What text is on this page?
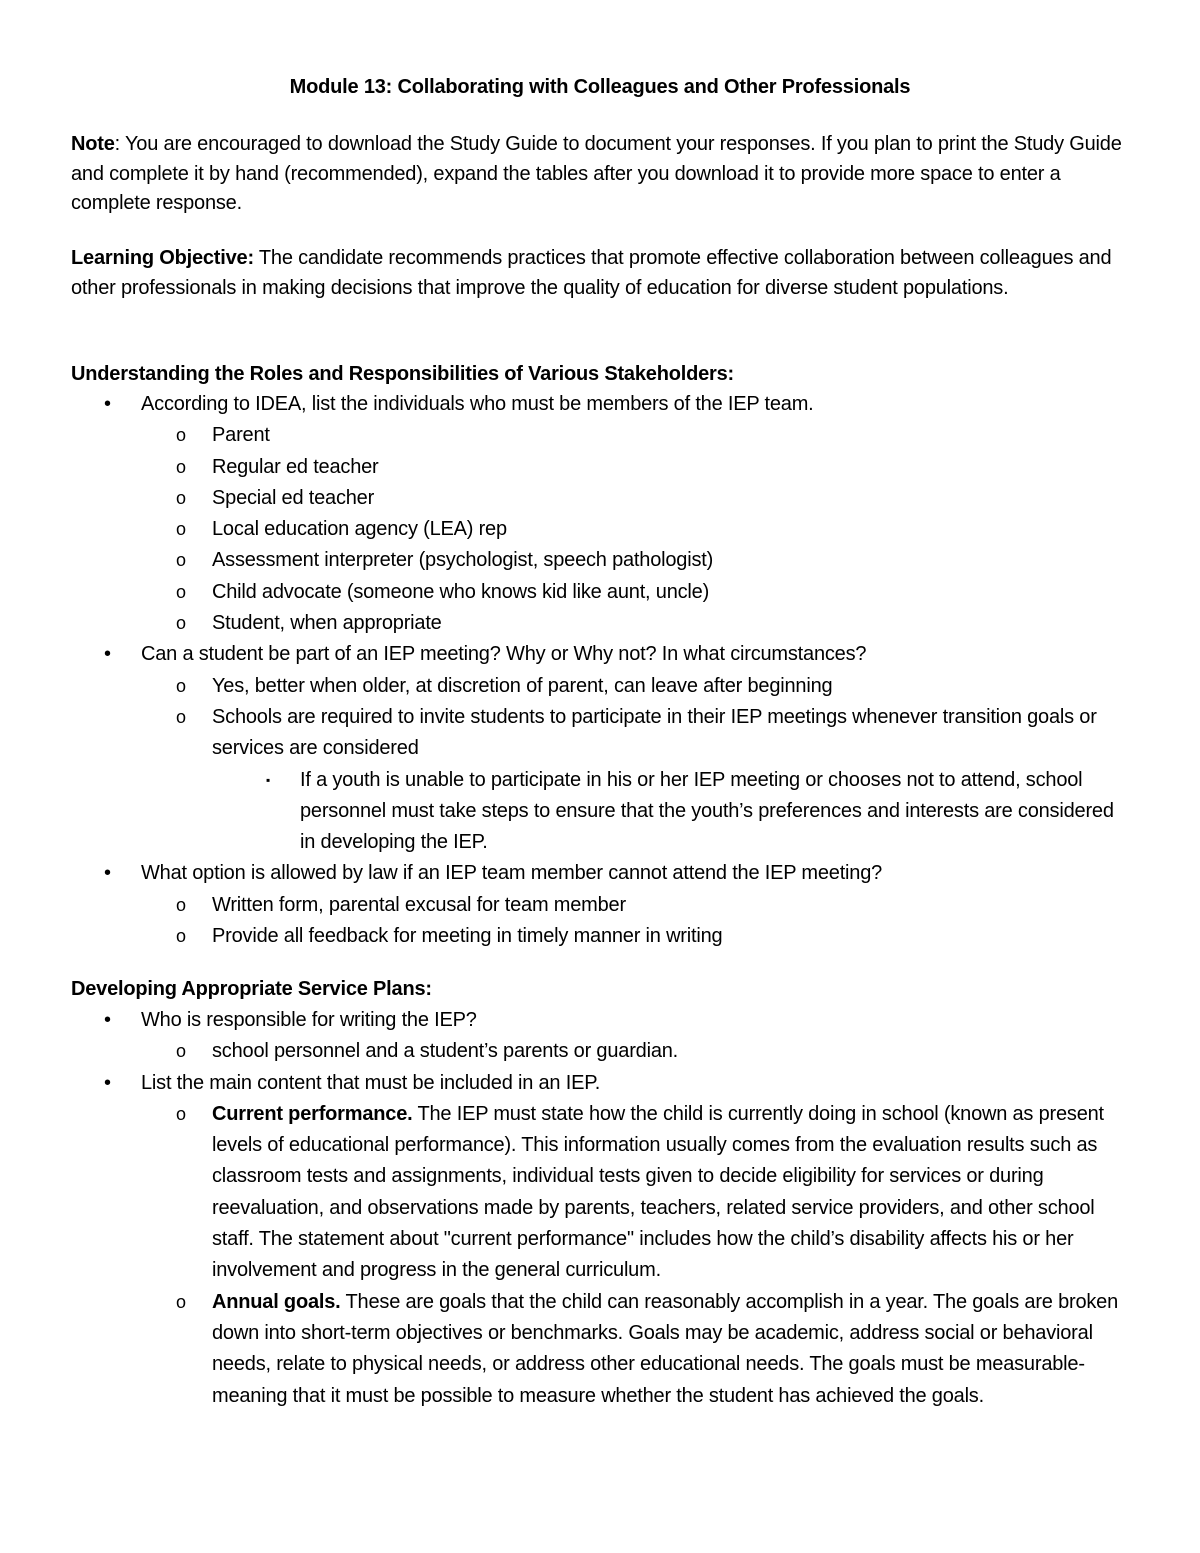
Module 13: Collaborating with Colleagues and Other Professionals
Note: You are encouraged to download the Study Guide to document your responses. If you plan to print the Study Guide and complete it by hand (recommended), expand the tables after you download it to provide more space to enter a complete response.
Learning Objective: The candidate recommends practices that promote effective collaboration between colleagues and other professionals in making decisions that improve the quality of education for diverse student populations.
Understanding the Roles and Responsibilities of Various Stakeholders:
• According to IDEA, list the individuals who must be members of the IEP team.
o Parent
o Regular ed teacher
o Special ed teacher
o Local education agency (LEA) rep
o Assessment interpreter (psychologist, speech pathologist)
o Child advocate (someone who knows kid like aunt, uncle)
o Student, when appropriate
• Can a student be part of an IEP meeting? Why or Why not? In what circumstances?
o Yes, better when older, at discretion of parent, can leave after beginning
o Schools are required to invite students to participate in their IEP meetings whenever transition goals or services are considered
▪ If a youth is unable to participate in his or her IEP meeting or chooses not to attend, school personnel must take steps to ensure that the youth’s preferences and interests are considered in developing the IEP.
• What option is allowed by law if an IEP team member cannot attend the IEP meeting?
o Written form, parental excusal for team member
o Provide all feedback for meeting in timely manner in writing
Developing Appropriate Service Plans:
• Who is responsible for writing the IEP?
o school personnel and a student’s parents or guardian.
• List the main content that must be included in an IEP.
o Current performance. The IEP must state how the child is currently doing in school (known as present levels of educational performance). This information usually comes from the evaluation results such as classroom tests and assignments, individual tests given to decide eligibility for services or during reevaluation, and observations made by parents, teachers, related service providers, and other school staff. The statement about "current performance" includes how the child’s disability affects his or her involvement and progress in the general curriculum.
o Annual goals. These are goals that the child can reasonably accomplish in a year. The goals are broken down into short-term objectives or benchmarks. Goals may be academic, address social or behavioral needs, relate to physical needs, or address other educational needs. The goals must be measurable-meaning that it must be possible to measure whether the student has achieved the goals.
